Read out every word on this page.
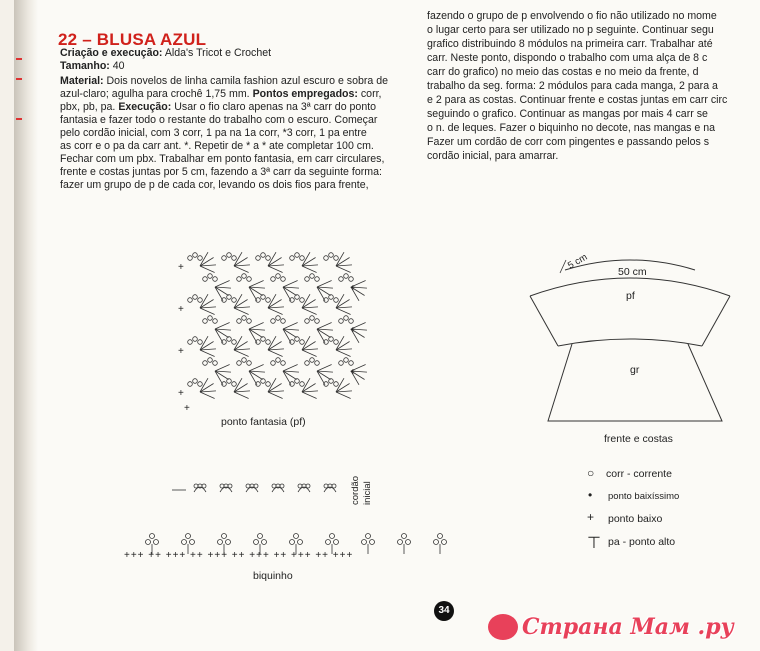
22 – BLUSA AZUL
Criação e execução: Alda's Tricot e Crochet
Tamanho: 40
Material: Dois novelos de linha camila fashion azul escuro e sobra de
azul-claro; agulha para crochê 1,75 mm. Pontos empregados: corr,
pbx, pb, pa. Execução: Usar o fio claro apenas na 3ª carr do ponto
fantasia e fazer todo o restante do trabalho com o escuro. Começar
pelo cordão inicial, com 3 corr, 1 pa na 1a corr, *3 corr, 1 pa entre
as corr e o pa da carr ant. *. Repetir de * a * ate completar 100 cm.
Fechar com um pbx. Trabalhar em ponto fantasia, em carr circulares,
frente e costas juntas por 5 cm, fazendo a 3ª carr da seguinte forma:
fazer um grupo de p de cada cor, levando os dois fios para frente,
fazendo o grupo de p envolvendo o fio não utilizado no mome
o lugar certo para ser utilizado no p seguinte. Continuar segu
grafico distribuindo 8 módulos na primeira carr. Trabalhar até
carr. Neste ponto, dispondo o trabalho com uma alça de 8 c
carr do grafico) no meio das costas e no meio da frente, d
trabalho da seg. forma: 2 módulos para cada manga, 2 para a
e 2 para as costas. Continuar frente e costas juntas em carr circ
seguindo o grafico. Continuar as mangas por mais 4 carr se
o n. de leques. Fazer o biquinho no decote, nas mangas e na
Fazer um cordão de corr com pingentes e passando pelos s
cordão inicial, para amarrar.
+
+
+
+
+
+
+
+
ponto fantasia (pf)
cordão inicial
+++ ++ +++ ++ +++ ++ +++ ++ +++ ++ +++
biquinho
5 cm
50 cm
pf
gr
frente e costas
○ corr - corrente
• ponto baixíssimo
+ ponto baixo
⊤ pa - ponto alto
34
Страна Мам .ру
